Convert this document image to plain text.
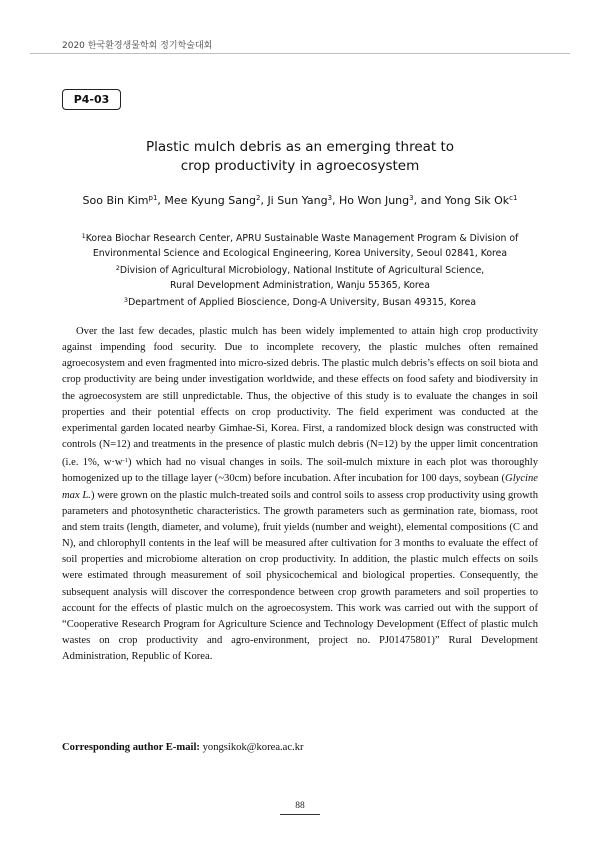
2020 한국환경생물학회 정기학술대회
P4-03
Plastic mulch debris as an emerging threat to
crop productivity in agroecosystem
Soo Bin Kim$^{p1}$, Mee Kyung Sang$^2$, Ji Sun Yang$^3$, Ho Won Jung$^3$, and Yong Sik $Ok^{c1}$
$^1$Korea Biochar Research Center, APRU Sustainable Waste Management Program & Division of
Environmental Science and Ecological Engineering, Korea University, Seoul 02841, Korea
$^2$Division of Agricultural Microbiology, National Institute of Agricultural Science,
Rural Development Administration, Wanju 55365, Korea
$^3$Department of Applied Bioscience, Dong-A University, Busan 49315, Korea
Over the last few decades, plastic mulch has been widely implemented to attain high crop productivity against impending food security. Due to incomplete recovery, the plastic mulches often remained agroecosystem and even fragmented into micro-sized debris. The plastic mulch debris’s effects on soil biota and crop productivity are being under investigation worldwide, and these effects on food safety and biodiversity in the agroecosystem are still unpredictable. Thus, the objective of this study is to evaluate the changes in soil properties and their potential effects on crop productivity. The field experiment was conducted at the experimental garden located nearby Gimhae-Si, Korea. First, a randomized block design was constructed with controls (N=12) and treatments in the presence of plastic mulch debris (N=12) by the upper limit concentration (i.e. 1%, $w\cdot w^{-1}$) which had no visual changes in soils. The soil-mulch mixture in each plot was thoroughly homogenized up to the tillage layer (~30cm) before incubation. After incubation for 100 days, soybean (Glycine max L.) were grown on the plastic mulch-treated soils and control soils to assess crop productivity using growth parameters and photosynthetic characteristics. The growth parameters such as germination rate, biomass, root and stem traits (length, diameter, and volume), fruit yields (number and weight), elemental compositions (C and N), and chlorophyll contents in the leaf will be measured after cultivation for 3 months to evaluate the effect of soil properties and microbiome alteration on crop productivity. In addition, the plastic mulch effects on soils were estimated through measurement of soil physicochemical and biological properties. Consequently, the subsequent analysis will discover the correspondence between crop growth parameters and soil properties to account for the effects of plastic mulch on the agroecosystem. This work was carried out with the support of “Cooperative Research Program for Agriculture Science and Technology Development (Effect of plastic mulch wastes on crop productivity and agro-environment, project no. PJ01475801)” Rural Development Administration, Republic of Korea.
Corresponding author E-mail: yongsikok@korea.ac.kr
88
